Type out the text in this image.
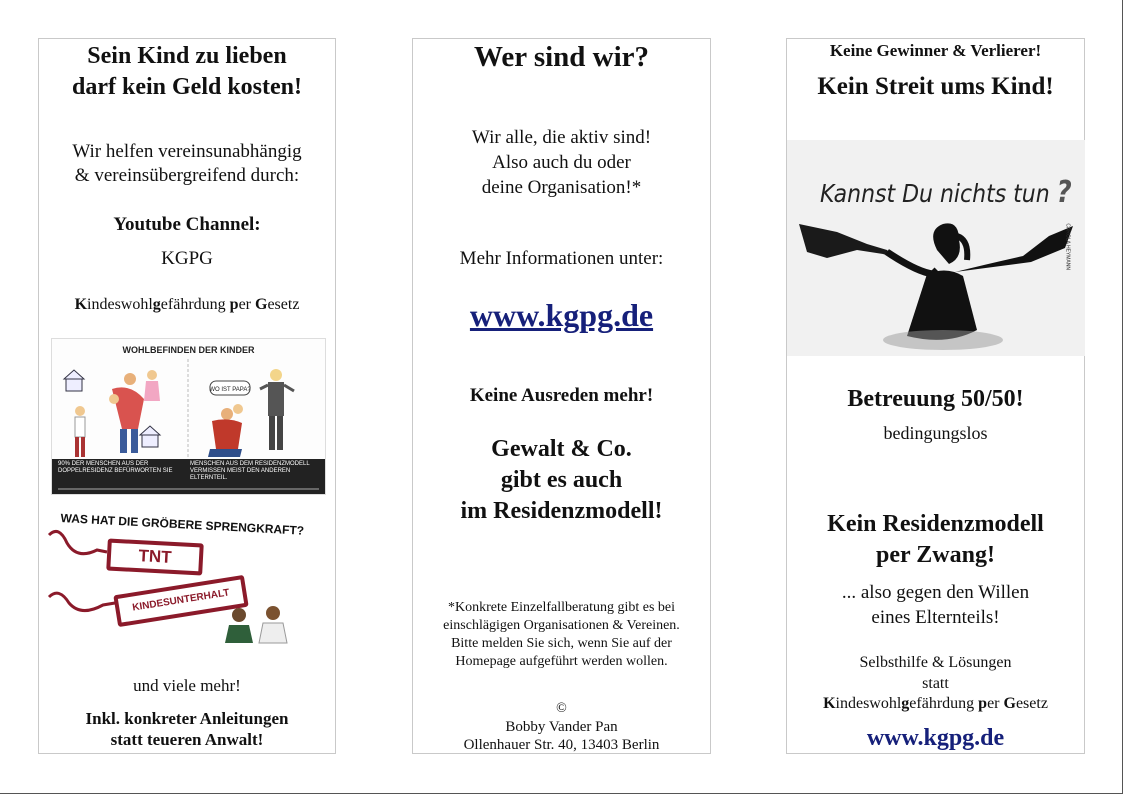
Sein Kind zu lieben
darf kein Geld kosten!
Wir helfen vereinsunabhängig
& vereinsübergreifend durch:
Youtube Channel:
KGPG
Kindeswohlgefährdung per Gesetz
WOHLBEFINDEN DER KINDER
WO IST PAPA?
90% DER MENSCHEN AUS DER DOPPELRESIDENZ BEFÜRWORTEN SIE
MENSCHEN AUS DEM RESIDENZMODELL VERMISSEN MEIST DEN ANDEREN ELTERNTEIL.
WAS HAT DIE GRÖBERE SPRENGKRAFT?
TNT
KINDESUNTERHALT
und viele mehr!
Inkl. konkreter Anleitungen
statt teueren Anwalt!
Wer sind wir?
Wir alle, die aktiv sind!
Also auch du oder
deine Organisation!*
Mehr Informationen unter:
www.kgpg.de
Keine Ausreden mehr!
Gewalt & Co.
gibt es auch
im Residenzmodell!
*Konkrete Einzelfallberatung gibt es bei
einschlägigen Organisationen & Vereinen.
Bitte melden Sie sich, wenn Sie auf der
Homepage aufgeführt werden wollen.
©
Bobby Vander Pan
Ollenhauer Str. 40, 13403 Berlin
Keine Gewinner & Verlierer!
Kein Streit ums Kind!
Kannst Du nichts tun ?
CAROLA HEYMANN
Betreuung 50/50!
bedingungslos
Kein Residenzmodell
per Zwang!
... also gegen den Willen
eines Elternteils!
Selbsthilfe & Lösungen
statt
Kindeswohlgefährdung per Gesetz
www.kgpg.de
